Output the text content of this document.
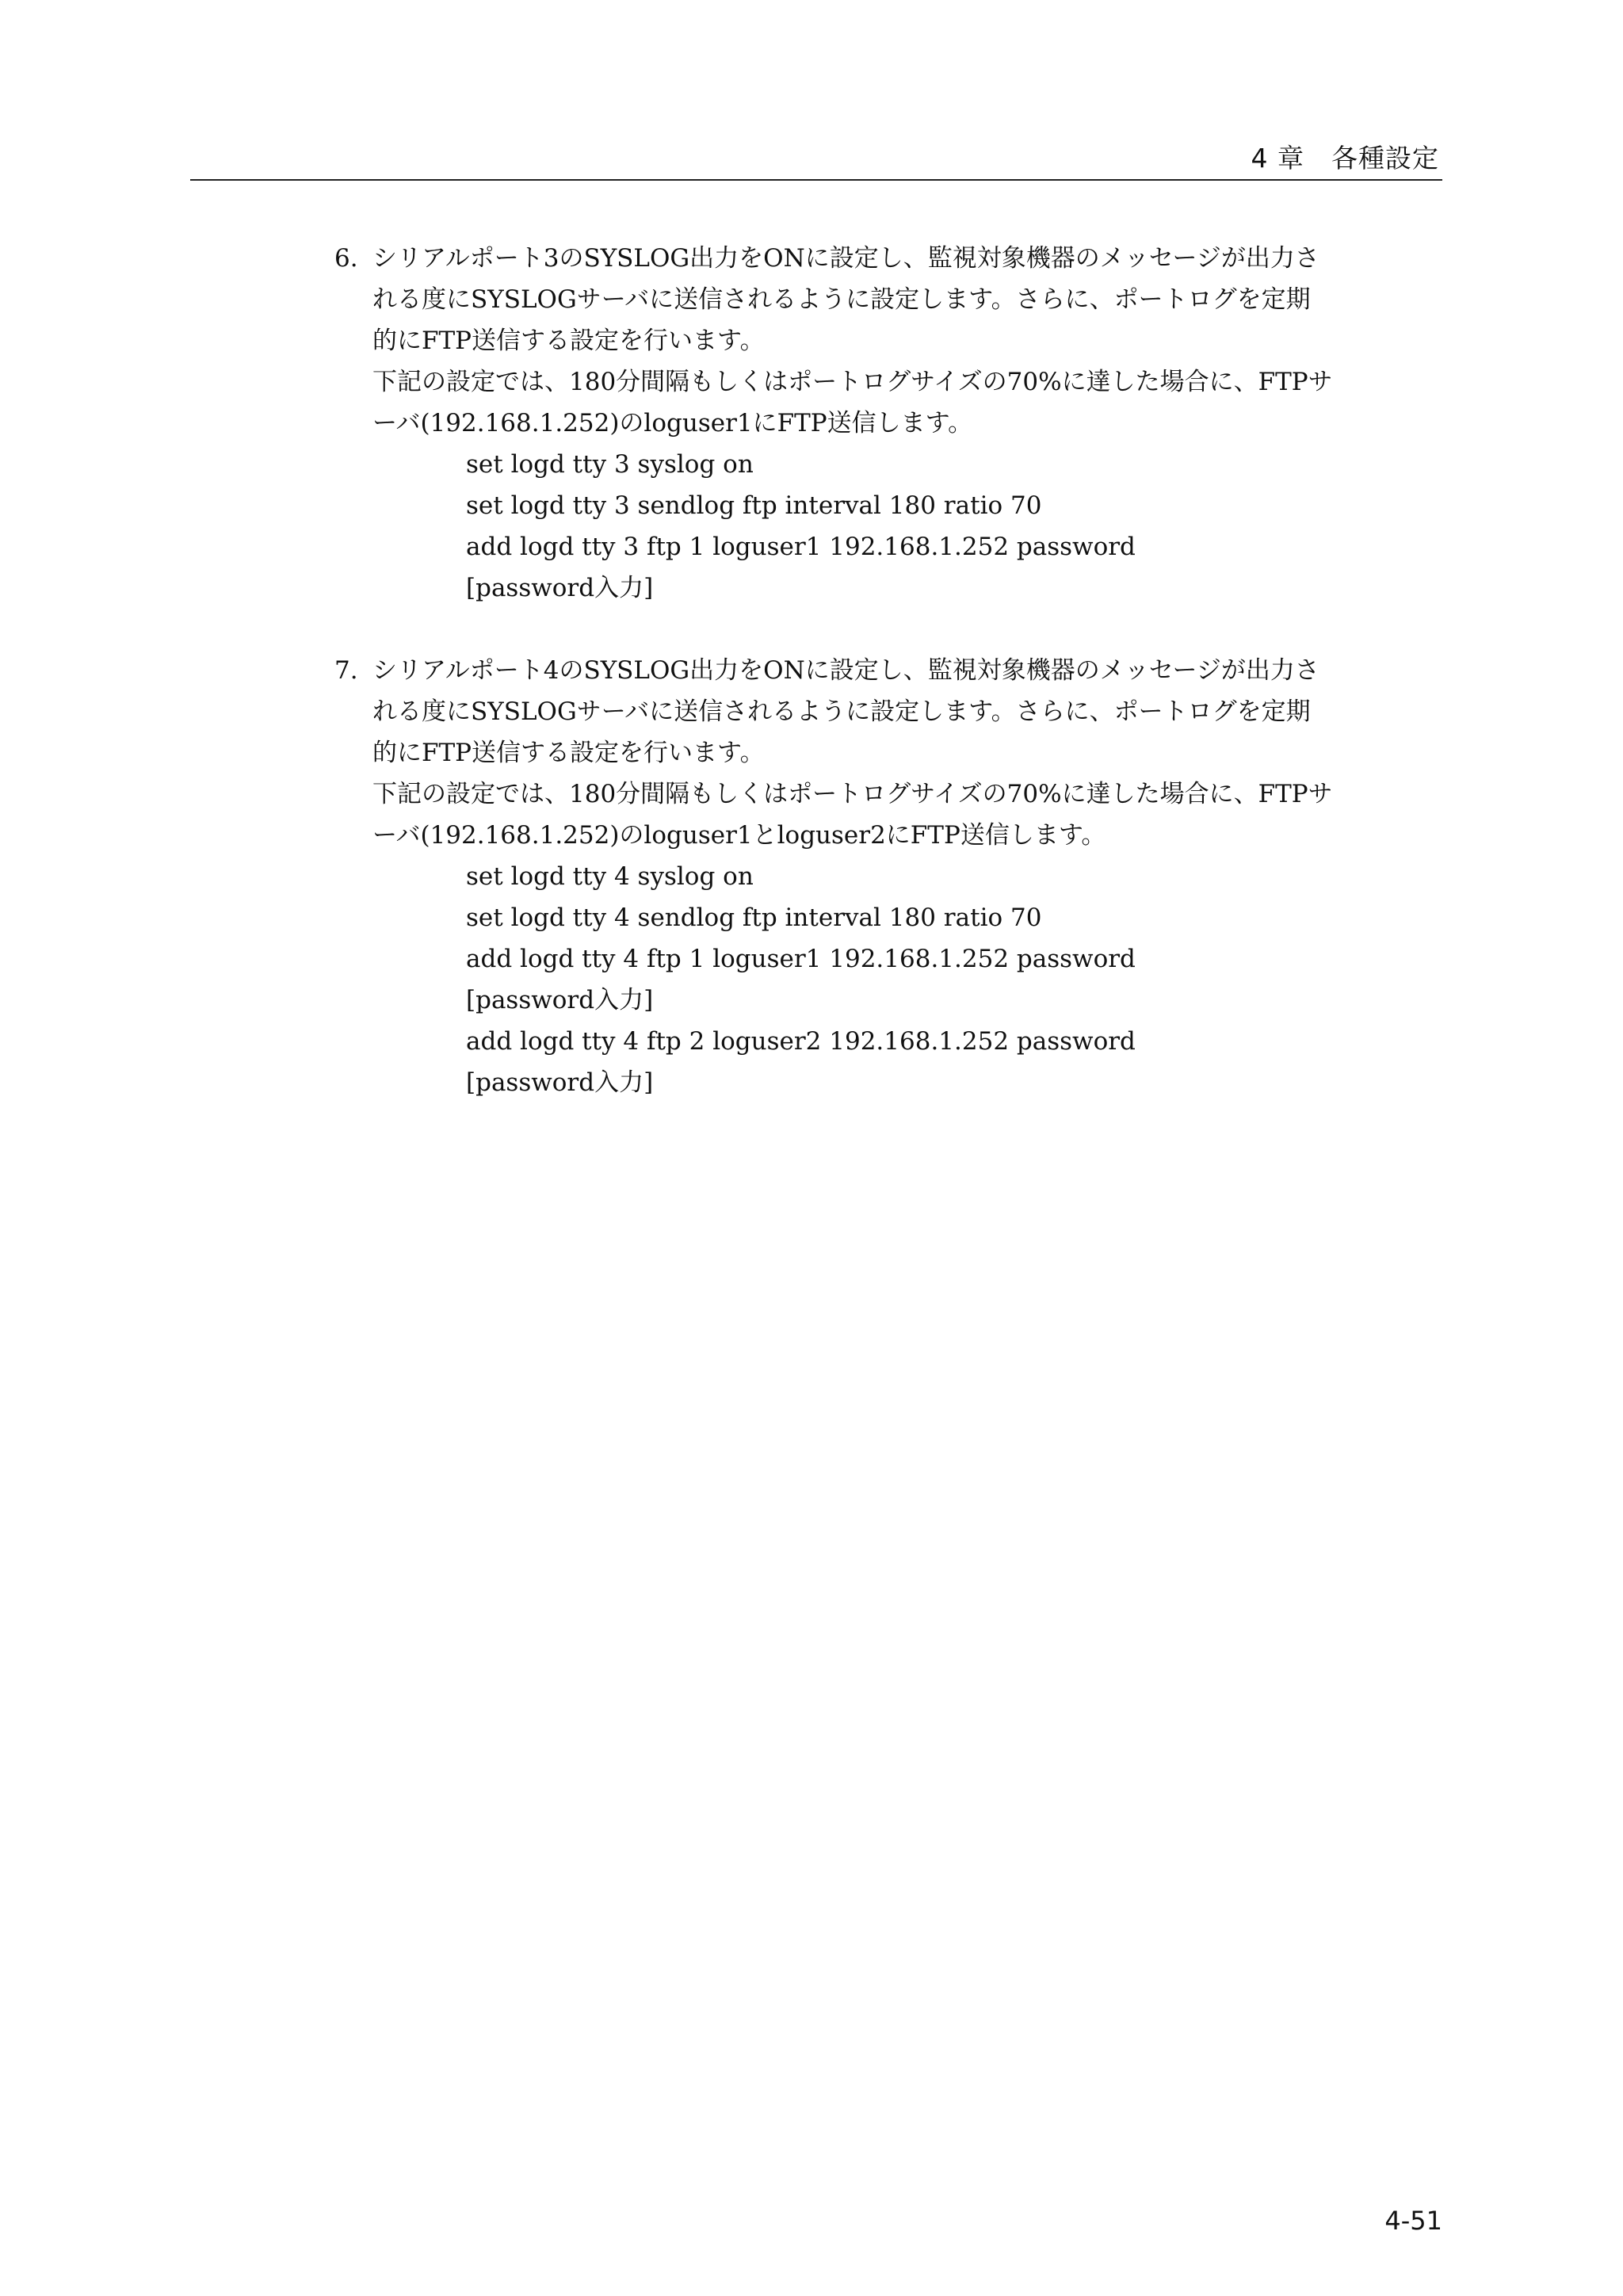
4 章　各種設定
6. シリアルポート3のSYSLOG出力をONに設定し、監視対象機器のメッセージが出力さ
れる度にSYSLOGサーバに送信されるように設定します。さらに、ポートログを定期
的にFTP送信する設定を行います。
下記の設定では、180分間隔もしくはポートログサイズの70%に達した場合に、FTPサ
ーバ(192.168.1.252)のloguser1にFTP送信します。
set logd tty 3 syslog on
set logd tty 3 sendlog ftp interval 180 ratio 70
add logd tty 3 ftp 1 loguser1 192.168.1.252 password
[password入力]
7. シリアルポート4のSYSLOG出力をONに設定し、監視対象機器のメッセージが出力さ
れる度にSYSLOGサーバに送信されるように設定します。さらに、ポートログを定期
的にFTP送信する設定を行います。
下記の設定では、180分間隔もしくはポートログサイズの70%に達した場合に、FTPサ
ーバ(192.168.1.252)のloguser1とloguser2にFTP送信します。
set logd tty 4 syslog on
set logd tty 4 sendlog ftp interval 180 ratio 70
add logd tty 4 ftp 1 loguser1 192.168.1.252 password
[password入力]
add logd tty 4 ftp 2 loguser2 192.168.1.252 password
[password入力]
4-51
